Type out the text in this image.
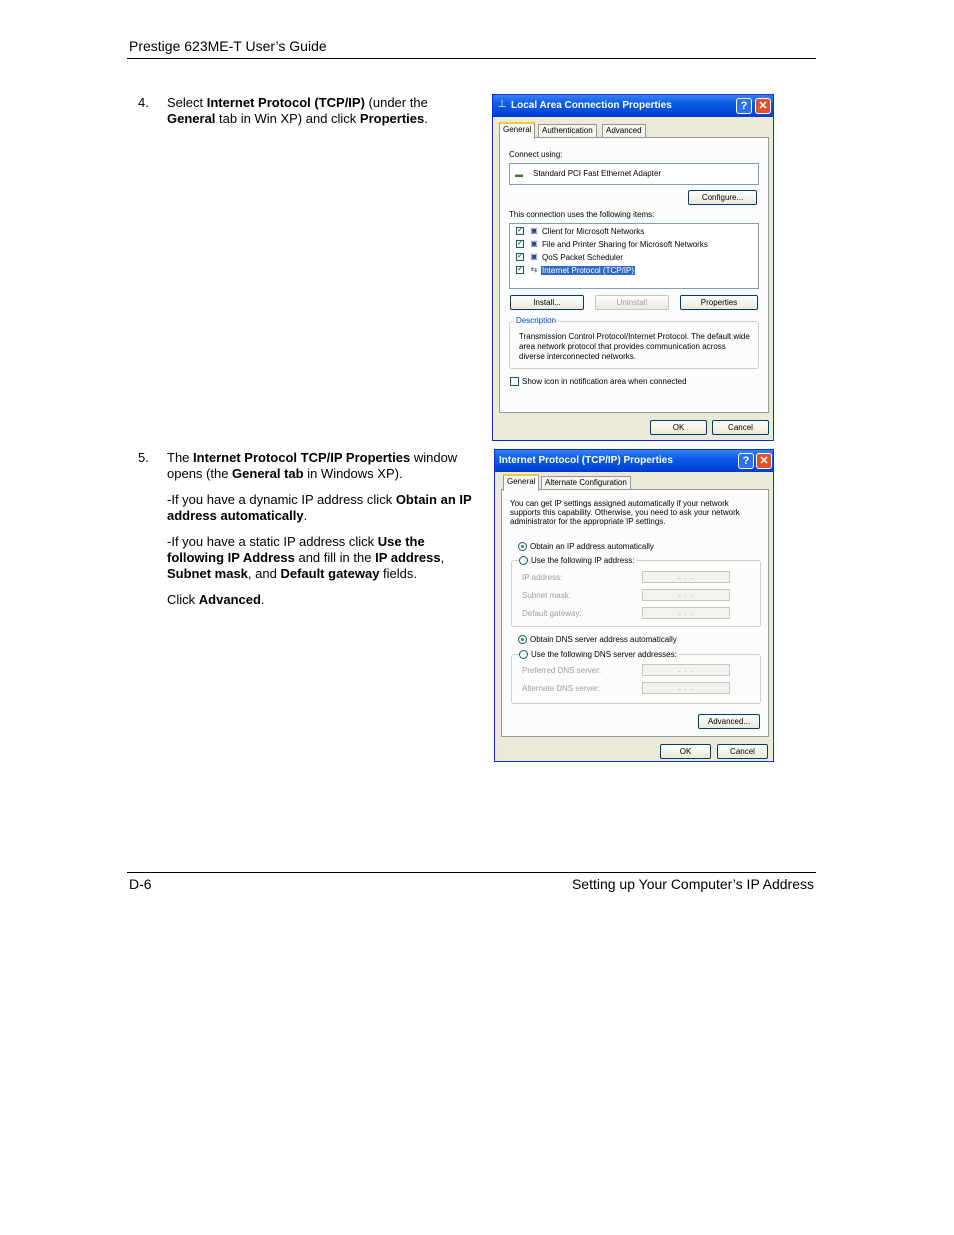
Prestige 623ME-T User’s Guide
4. Select Internet Protocol (TCP/IP) (under the General tab in Win XP) and click Properties.

5. The Internet Protocol TCP/IP Properties window opens (the General tab in Windows XP).

-If you have a dynamic IP address click Obtain an IP address automatically.

-If you have a static IP address click Use the following IP Address and fill in the IP address, Subnet mask, and Default gateway fields.

Click Advanced.

⊥ Local Area Connection Properties	?	✕
General	Authentication	Advanced
Connect using:
▬ Standard PCI Fast Ethernet Adapter
Configure...
This connection uses the following items:
✔ ▣ Client for Microsoft Networks
✔ ▣ File and Printer Sharing for Microsoft Networks
✔ ▣ QoS Packet Scheduler
✔ ⇆ Internet Protocol (TCP/IP)
Install...	Uninstall	Properties
Description
Transmission Control Protocol/Internet Protocol. The default wide area network protocol that provides communication across diverse interconnected networks.
Show icon in notification area when connected
OK	Cancel
Internet Protocol (TCP/IP) Properties	? ✕
General	Alternate Configuration
You can get IP settings assigned automatically if your network supports this capability. Otherwise, you need to ask your network administrator for the appropriate IP settings.
Obtain an IP address automatically
Use the following IP address:
IP address:	. . .
Subnet mask:	. . .
Default gateway:	. . .
Obtain DNS server address automatically
Use the following DNS server addresses:
Preferred DNS server:	. . .
Alternate DNS server:	. . .
Advanced...
OK	Cancel
D-6	Setting up Your Computer’s IP Address
